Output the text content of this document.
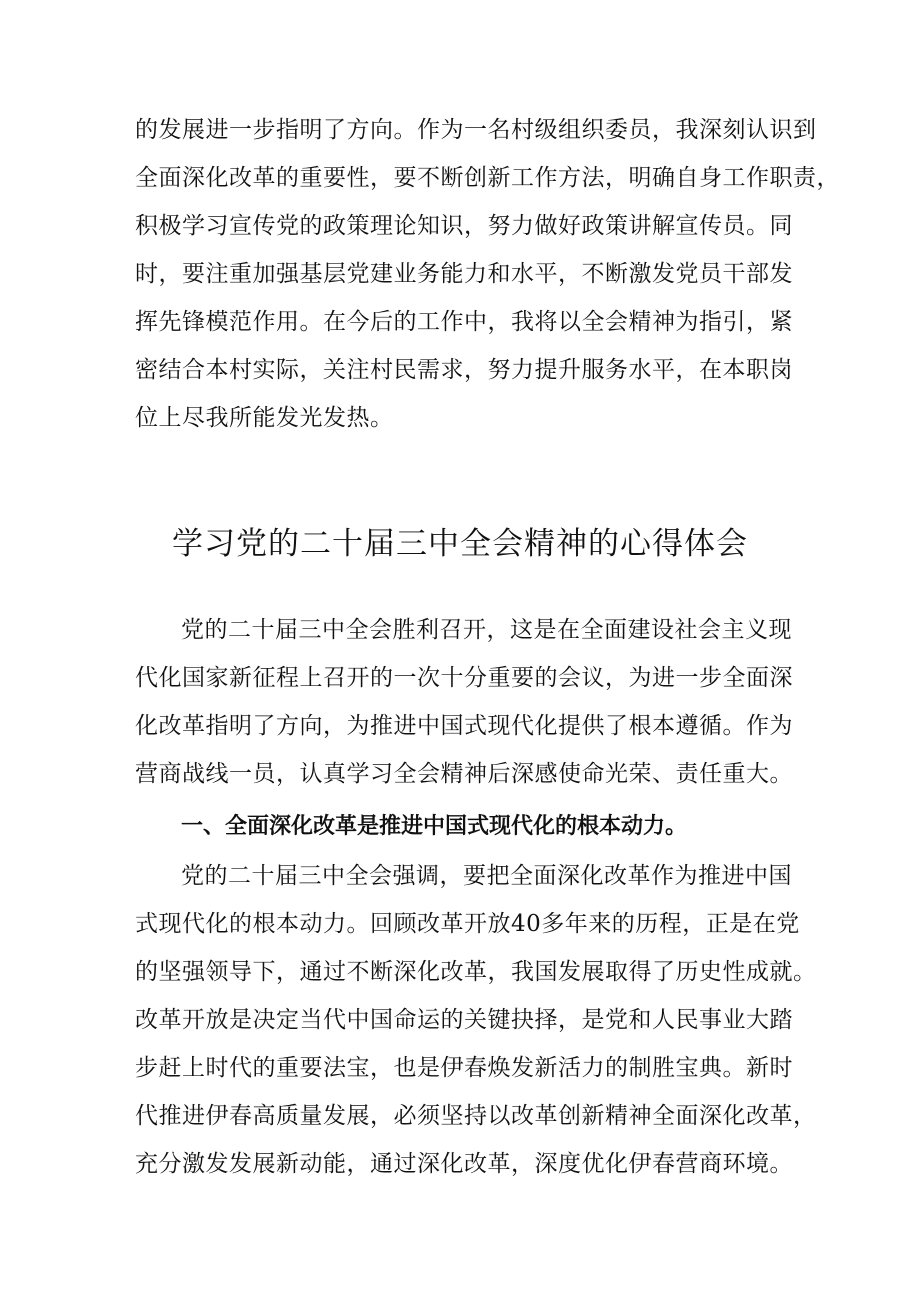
的发展进一步指明了方向。作为一名村级组织委员，我深刻认识到
全面深化改革的重要性，要不断创新工作方法，明确自身工作职责，
积极学习宣传党的政策理论知识，努力做好政策讲解宣传员。同
时，要注重加强基层党建业务能力和水平，不断激发党员干部发
挥先锋模范作用。在今后的工作中，我将以全会精神为指引，紧
密结合本村实际，关注村民需求，努力提升服务水平，在本职岗
位上尽我所能发光发热。
学习党的二十届三中全会精神的心得体会
党的二十届三中全会胜利召开，这是在全面建设社会主义现
代化国家新征程上召开的一次十分重要的会议，为进一步全面深
化改革指明了方向，为推进中国式现代化提供了根本遵循。作为
营商战线一员，认真学习全会精神后深感使命光荣、责任重大。
一、全面深化改革是推进中国式现代化的根本动力。
党的二十届三中全会强调，要把全面深化改革作为推进中国
式现代化的根本动力。回顾改革开放40多年来的历程，正是在党
的坚强领导下，通过不断深化改革，我国发展取得了历史性成就。
改革开放是决定当代中国命运的关键抉择，是党和人民事业大踏
步赶上时代的重要法宝，也是伊春焕发新活力的制胜宝典。新时
代推进伊春高质量发展，必须坚持以改革创新精神全面深化改革，
充分激发发展新动能，通过深化改革，深度优化伊春营商环境。
